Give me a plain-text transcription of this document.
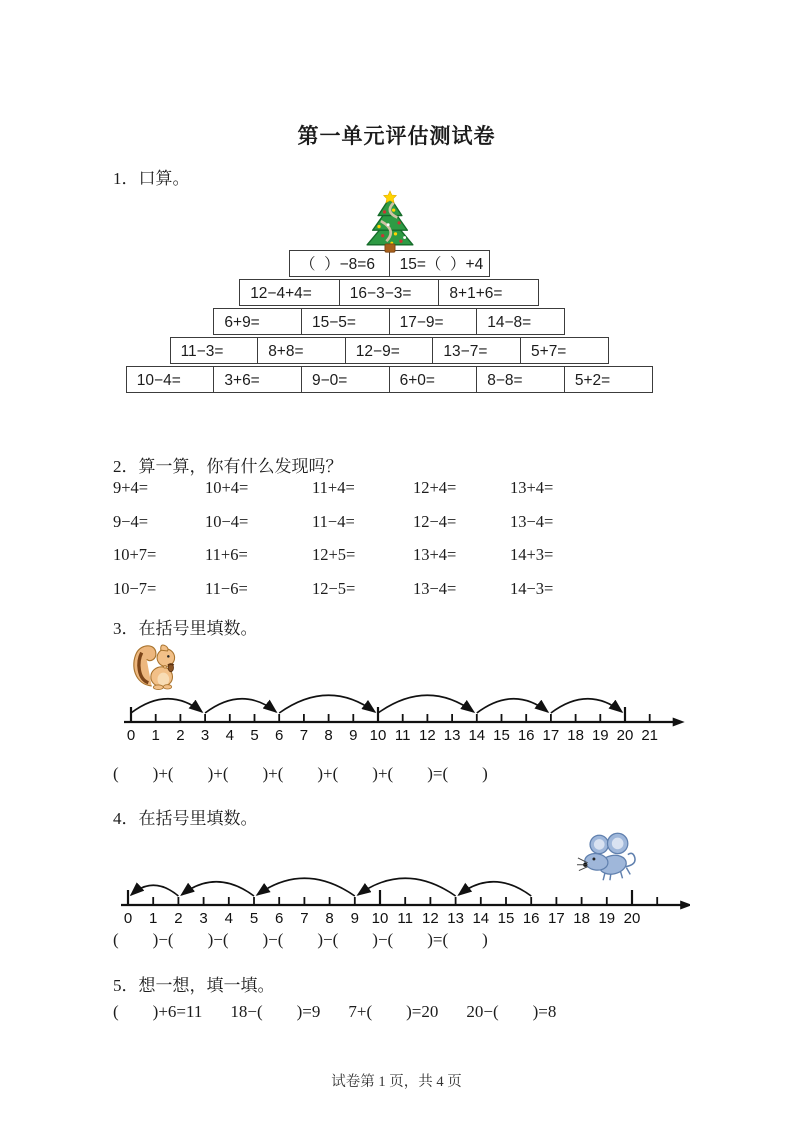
第一单元评估测试卷
1．口算。
（  ）−8=6	15=（  ）+4
12−4+4=	16−3−3=	8+1+6=
6+9=	15−5=	17−9=	14−8=
11−3=	8+8=	12−9=	13−7=	5+7=
10−4=	3+6=	9−0=	6+0=	8−8=	5+2=
2．算一算，你有什么发现吗？
9+4=	10+4=	11+4=	12+4=	13+4=
9−4=	10−4=	11−4=	12−4=	13−4=
10+7=	11+6=	12+5=	13+4=	14+3=
10−7=	11−6=	12−5=	13−4=	14−3=
3．在括号里填数。
0 1 2 3 4 5 6 7 8 9 10 11 12 13 14 15 16 17 18 19 20 21
(        )+(        )+(        )+(        )+(        )+(        )=(        )
4．在括号里填数。
0 1 2 3 4 5 6 7 8 9 10 11 12 13 14 15 16 17 18 19 20
(        )−(        )−(        )−(        )−(        )−(        )=(        )
5．想一想，填一填。
(        )+6=11 18−(        )=9 7+(        )=20 20−(        )=8
试卷第 1 页，共 4 页
